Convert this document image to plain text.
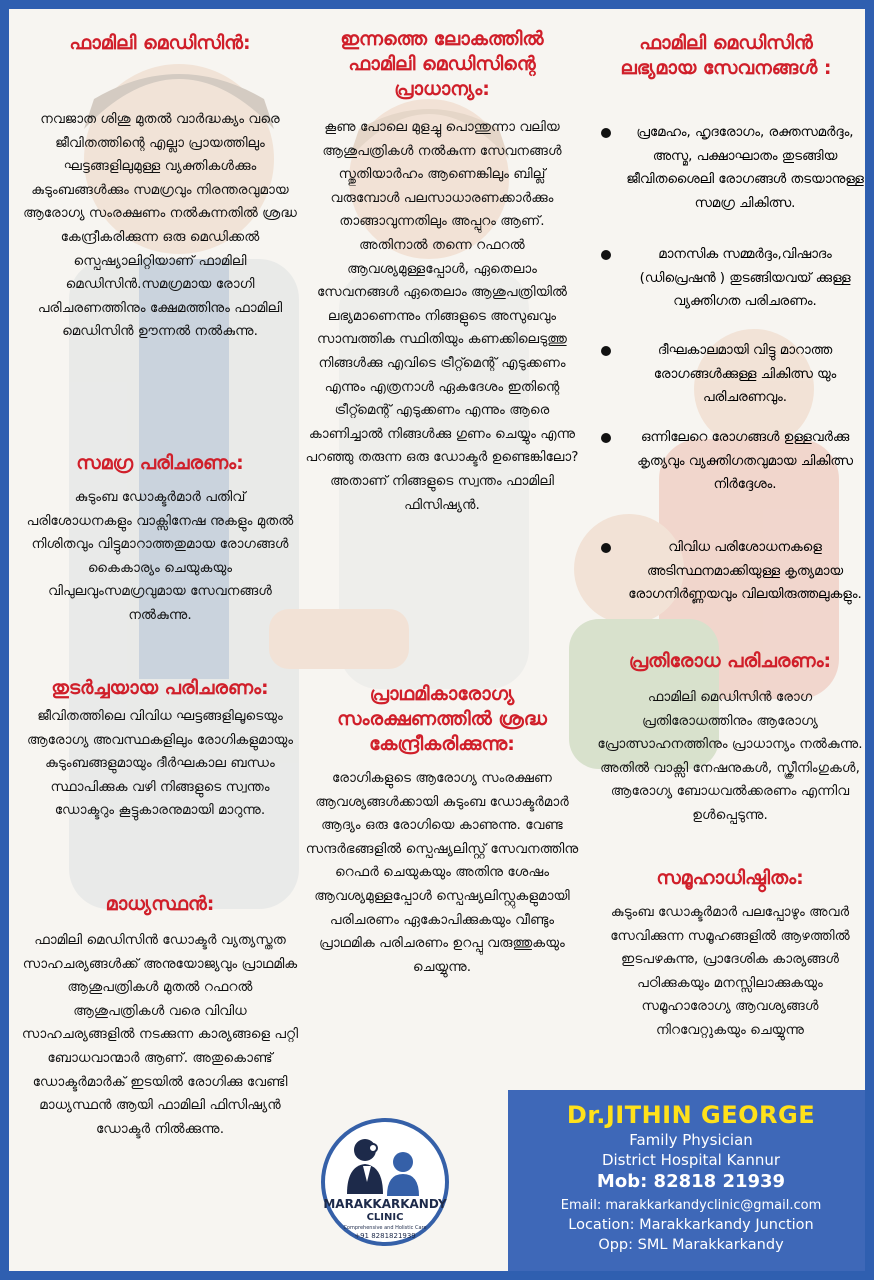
ഫാമിലി മെഡിസിൻ:

നവജാത ശിശു മുതൽ വാർദ്ധക്യം വരെ ജീവിതത്തിന്റെ എല്ലാ പ്രായത്തിലും ഘട്ടങ്ങളിലുമുള്ള വ്യക്തികൾക്കും കുടുംബങ്ങൾക്കും സമഗ്രവും നിരന്തരവുമായ ആരോഗ്യ സംരക്ഷണം നൽകുന്നതിൽ ശ്രദ്ധ കേന്ദ്രീകരിക്കുന്ന ഒരു മെഡിക്കൽ സ്പെഷ്യാലിറ്റിയാണ് ഫാമിലി മെഡിസിൻ.സമഗ്രമായ രോഗി പരിചരണത്തിനും ക്ഷേമത്തിനും ഫാമിലി മെഡിസിൻ ഊന്നൽ നൽകുന്നു.

സമഗ്ര പരിചരണം:

കുടുംബ ഡോക്ടർമാർ പതിവ് പരിശോധനകളും വാക്സിനേഷ നുകളും മുതൽ നിശിതവും വിട്ടുമാറാത്തതുമായ രോഗങ്ങൾ കൈകാര്യം ചെയുകയും വിപുലവുംസമഗ്രവുമായ സേവനങ്ങൾ നൽകുന്നു.

തുടർച്ചയായ പരിചരണം:

ജീവിതത്തിലെ വിവിധ ഘട്ടങ്ങളിലൂടെയും ആരോഗ്യ അവസ്ഥകളിലും രോഗികളുമായും കുടുംബങ്ങളുമായും ദീർഘകാല ബന്ധം സ്ഥാപിക്കുക വഴി നിങ്ങളുടെ സ്വന്തം ഡോക്ടറും കൂട്ടുകാരനുമായി മാറുന്നു.

മാധ്യസ്ഥൻ:

ഫാമിലി മെഡിസിൻ ഡോക്ടർ വ്യത്യസ്തത സാഹചര്യങ്ങൾക്ക് അനുയോജ്യവും പ്രാഥമിക ആശുപത്രികൾ മുതൽ റഫറൽ ആശുപത്രികൾ വരെ വിവിധ സാഹചര്യങ്ങളിൽ നടക്കുന്ന കാര്യങ്ങളെ പറ്റി ബോധവാന്മാർ ആണ്. അതുകൊണ്ട് ഡോക്ടർമാർക് ഇടയിൽ രോഗിക്കു വേണ്ടി മാധ്യസ്ഥൻ ആയി ഫാമിലി ഫിസിഷ്യൻ ഡോക്ടർ നിൽക്കുന്നു.

ഇന്നത്തെ ലോകത്തിൽ ഫാമിലി മെഡിസിന്റെ പ്രാധാന്യം:

കൂണു പോലെ മുളച്ചു പൊന്തുന്നാ വലിയ ആശുപത്രികൾ നൽകുന്ന സേവനങ്ങൾ സ്തുതിയാർഹം ആണെങ്കിലും ബില്ല് വരുമ്പോൾ പലസാധാരണക്കാർക്കും താങ്ങാവുന്നതിലും അപ്പുറം ആണ്. അതിനാൽ തന്നെ റഫറൽ ആവശ്യമുള്ളപ്പോൾ, ഏതെലാം സേവനങ്ങൾ ഏതെലാം ആശുപത്രിയിൽ ലഭ്യമാണെന്നും നിങ്ങളുടെ അസുഖവും സാമ്പത്തിക സ്ഥിതിയും കണക്കിലെടുത്തു നിങ്ങൾക്കു എവിടെ ട്രീറ്റ്മെന്റ് എടുക്കണം എന്നും എത്രനാൾ ഏകദേശം ഇതിന്റെ ട്രീറ്റ്മെന്റ് എടുക്കണം എന്നും ആരെ കാണിച്ചാൽ നിങ്ങൾക്കു ഗുണം ചെയ്യും എന്നു പറഞ്ഞു തരുന്ന ഒരു ഡോക്ടർ ഉണ്ടെങ്കിലോ? അതാണ് നിങ്ങളുടെ സ്വന്തം ഫാമിലി ഫിസിഷ്യൻ.

പ്രാഥമികാരോഗ്യ സംരക്ഷണത്തിൽ ശ്രദ്ധ കേന്ദ്രീകരിക്കുന്നു:

രോഗികളുടെ ആരോഗ്യ സംരക്ഷണ ആവശ്യങ്ങൾക്കായി കുടുംബ ഡോക്ടർമാർ ആദ്യം ഒരു രോഗിയെ കാണുന്നു. വേണ്ട സന്ദർഭങ്ങളിൽ സ്പെഷ്യലിസ്റ്റ് സേവനത്തിനു റെഫർ ചെയുകയും അതിനു ശേഷം ആവശ്യമുള്ളപ്പോൾ സ്പെഷ്യലിസ്റ്റുകളുമായി പരിചരണം ഏകോപിക്കുകയും വീണ്ടും പ്രാഥമിക പരിചരണം ഉറപ്പു വരുത്തുകയും ചെയ്യുന്നു.

ഫാമിലി മെഡിസിൻ ലഭ്യമായ സേവനങ്ങൾ :

പ്രമേഹം, ഹൃദരോഗം, രക്തസമർദ്ദം, അസ്മ, പക്ഷാഘാതം തുടങ്ങിയ ജീവിതശൈലി രോഗങ്ങൾ തടയാനുള്ള സമഗ്ര ചികിത്സ.
മാനസിക സമ്മർദ്ദം,വിഷാദം (ഡിപ്രെഷൻ ) തുടങ്ങിയവയ് ക്കുള്ള വ്യക്തിഗത പരിചരണം.
ദീഘകാലമായി വിട്ടു മാറാത്ത രോഗങ്ങൾക്കുള്ള ചികിത്സ യും പരിചരണവും.
ഒന്നിലേറെ രോഗങ്ങൾ ഉള്ളവർക്കു കൃത്യവും വ്യക്തിഗതവുമായ ചികിത്സ നിർദ്ദേശം.
വിവിധ പരിശോധനകളെ അടിസ്ഥനമാക്കിയുള്ള കൃത്യമായ രോഗനിർണ്ണയവും വിലയിരുത്തലുകളും.

പ്രതിരോധ പരിചരണം:

ഫാമിലി മെഡിസിൻ രോഗ പ്രതിരോധത്തിനും ആരോഗ്യ പ്രോത്സാഹനത്തിനും പ്രാധാന്യം നൽകുന്നു. അതിൽ വാക്സി നേഷനുകൾ, സ്ക്രീനിംഗുകൾ, ആരോഗ്യ ബോധവൽക്കരണം എന്നിവ ഉൾപ്പെടുന്നു.

സമൂഹാധിഷ്ഠിതം:

കുടുംബ ഡോക്ടർമാർ പലപ്പോഴും അവർ സേവിക്കുന്ന സമൂഹങ്ങളിൽ ആഴത്തിൽ ഇടപഴകുന്നു, പ്രാദേശിക കാര്യങ്ങൾ പഠിക്കുകയും മനസ്സിലാക്കുകയും സമൂഹാരോഗ്യ ആവശ്യങ്ങൾ നിറവേറ്റുകയും ചെയ്യുന്നു

MARAKKARKANDY
CLINIC
Comprehensive and Holistic Care
+91 8281821939
Dr.JITHIN GEORGE
Family Physician
District Hospital Kannur
Mob: 82818 21939
Email: marakkarkandyclinic@gmail.com
Location: Marakkarkandy Junction
Opp: SML Marakkarkandy
